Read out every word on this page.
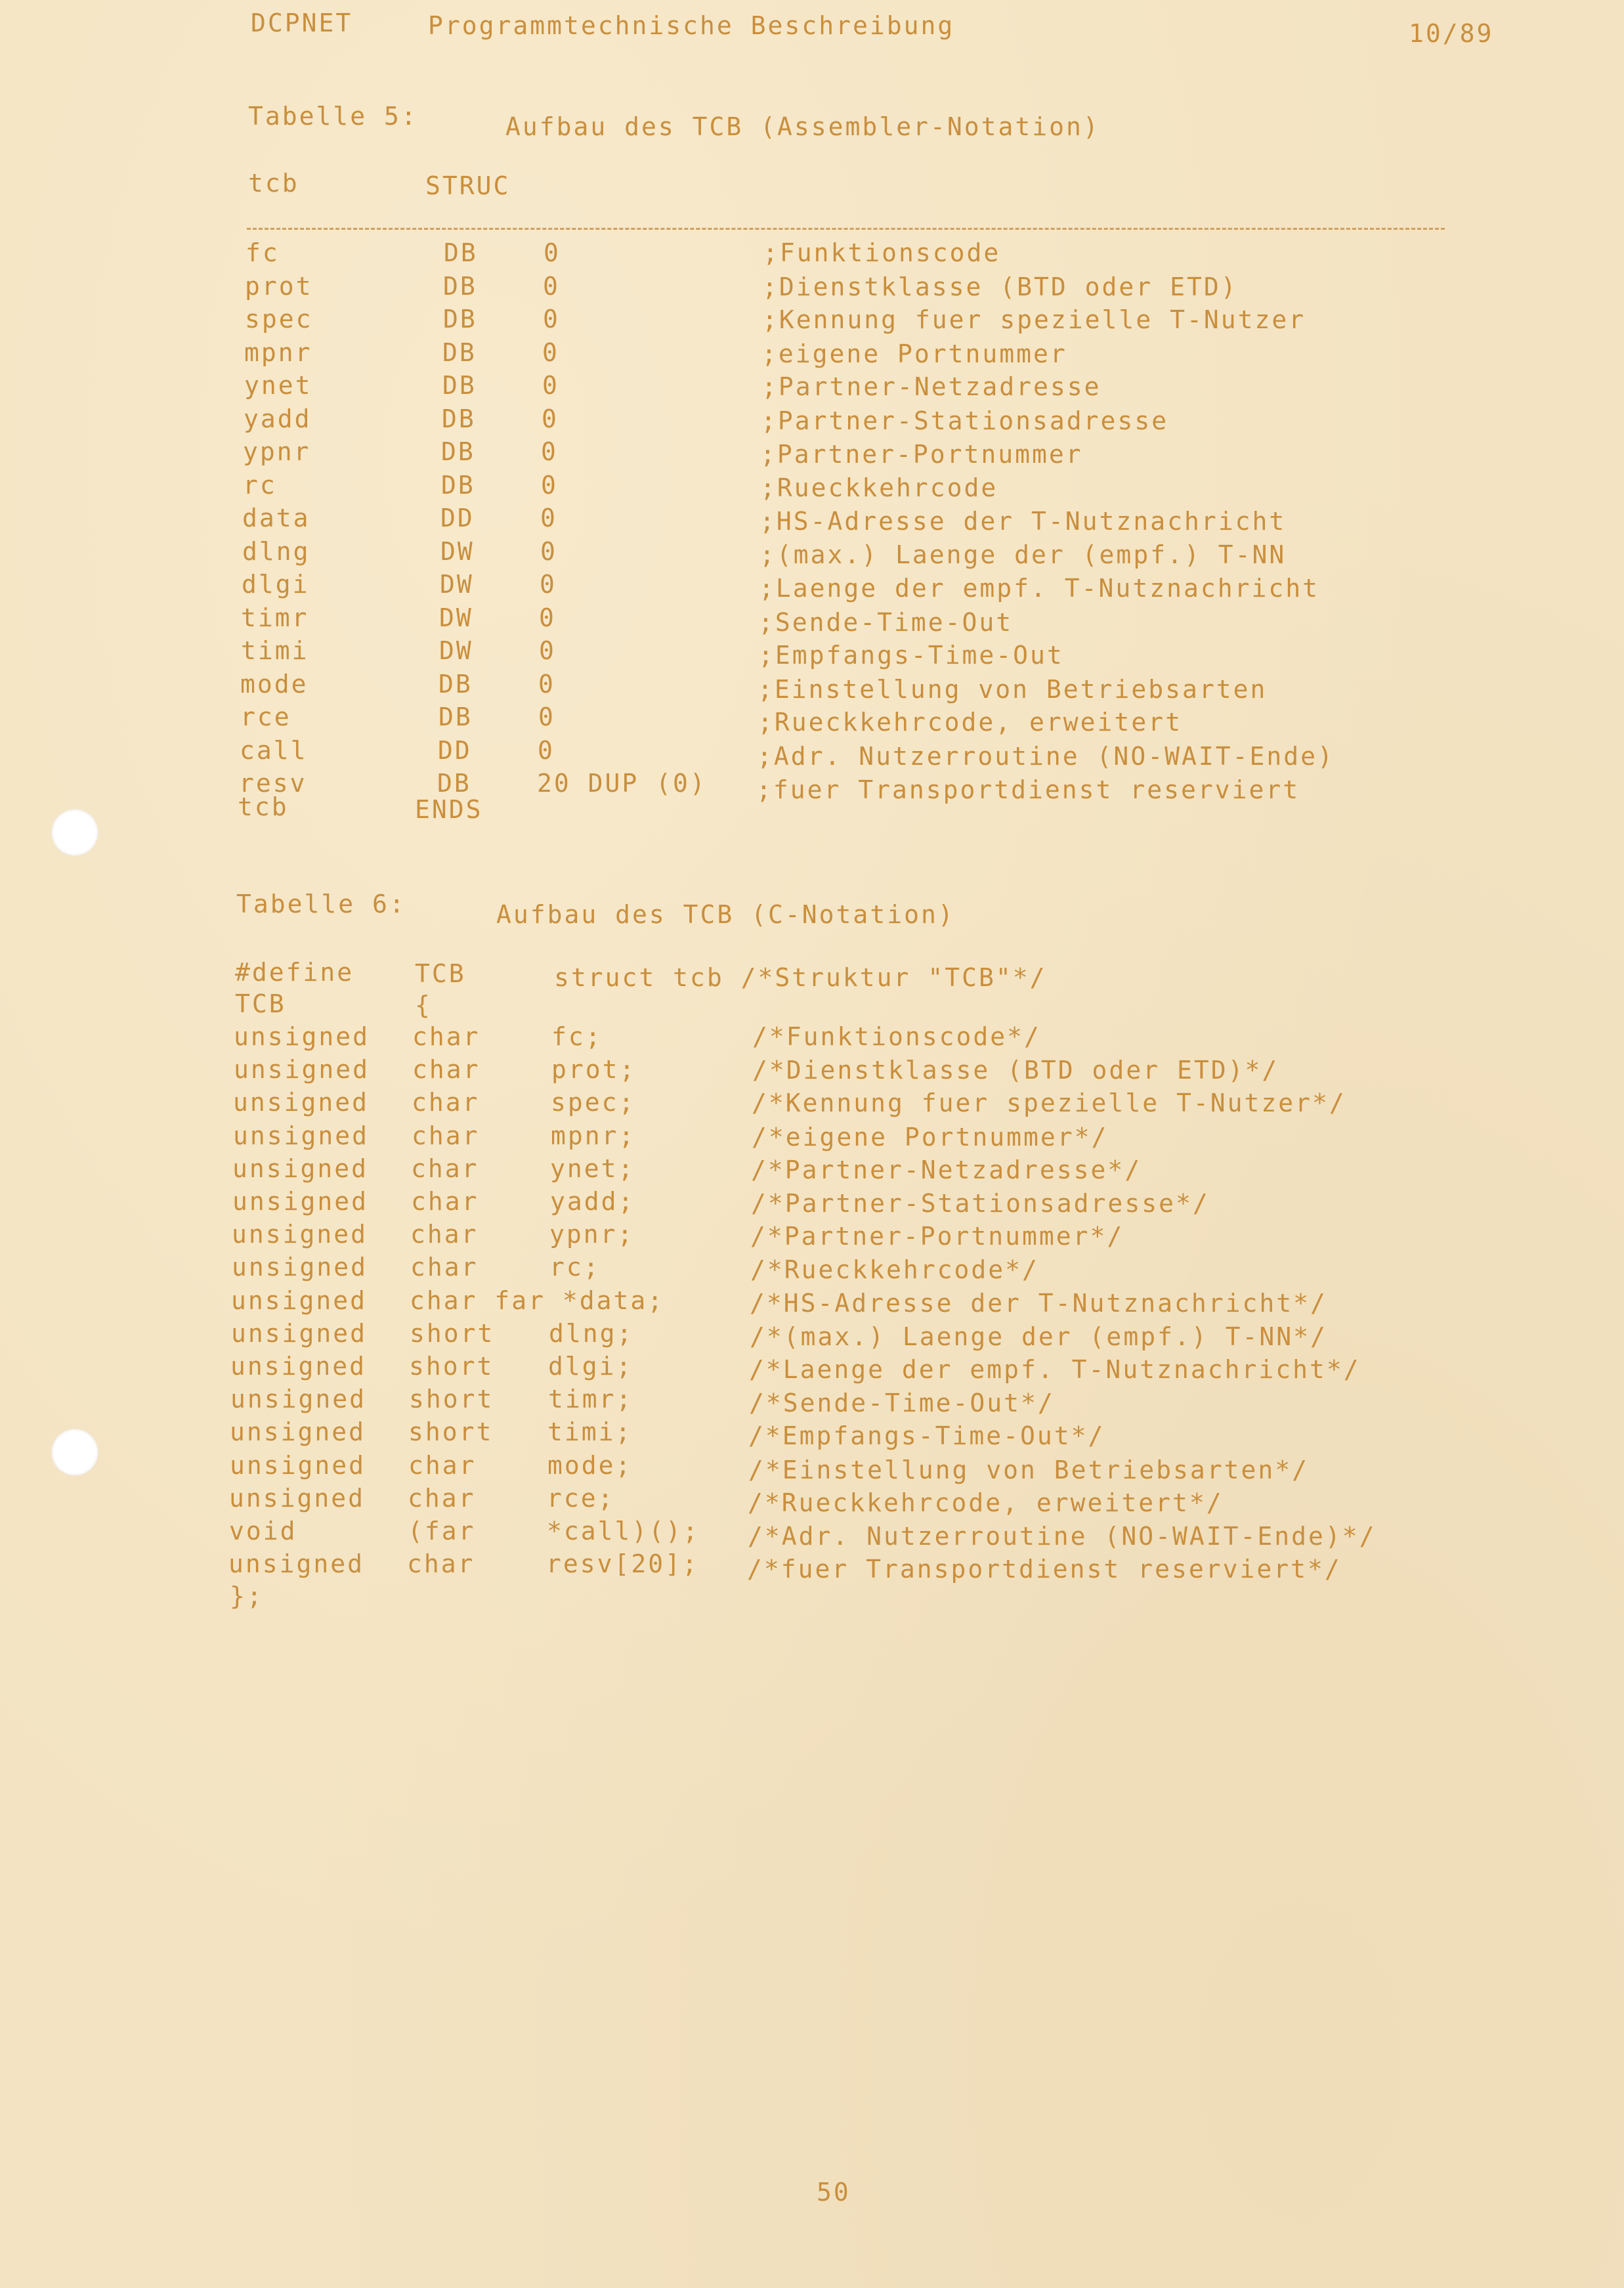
DCPNET	Programmtechnische Beschreibung	10/89
Tabelle 5:	Aufbau des TCB (Assembler-Notation)
tcb	STRUC
fc	DB	0	;Funktionscode
prot	DB	0	;Dienstklasse (BTD oder ETD)
spec	DB	0	;Kennung fuer spezielle T-Nutzer
mpnr	DB	0	;eigene Portnummer
ynet	DB	0	;Partner-Netzadresse
yadd	DB	0	;Partner-Stationsadresse
ypnr	DB	0	;Partner-Portnummer
rc	DB	0	;Rueckkehrcode
data	DD	0	;HS-Adresse der T-Nutznachricht
dlng	DW	0	;(max.) Laenge der (empf.) T-NN
dlgi	DW	0	;Laenge der empf. T-Nutznachricht
timr	DW	0	;Sende-Time-Out
timi	DW	0	;Empfangs-Time-Out
mode	DB	0	;Einstellung von Betriebsarten
rce	DB	0	;Rueckkehrcode, erweitert
call	DD	0	;Adr. Nutzerroutine (NO-WAIT-Ende)
resv	DB	20 DUP (0) ;fuer Transportdienst reserviert
tcb	ENDS
Tabelle 6:	Aufbau des TCB (C-Notation)
#define TCB	struct tcb /*Struktur "TCB"*/
TCB	{
unsigned char	fc;	/*Funktionscode*/
unsigned char	prot;	/*Dienstklasse (BTD oder ETD)*/
unsigned char	spec;	/*Kennung fuer spezielle T-Nutzer*/
unsigned char	mpnr;	/*eigene Portnummer*/
unsigned char	ynet;	/*Partner-Netzadresse*/
unsigned char	yadd;	/*Partner-Stationsadresse*/
unsigned char	ypnr;	/*Partner-Portnummer*/
unsigned char	rc;	/*Rueckkehrcode*/
unsigned char far *data;	/*HS-Adresse der T-Nutznachricht*/
unsigned short dlng;	/*(max.) Laenge der (empf.) T-NN*/
unsigned short dlgi;	/*Laenge der empf. T-Nutznachricht*/
unsigned short timr;	/*Sende-Time-Out*/
unsigned short timi;	/*Empfangs-Time-Out*/
unsigned char	mode;	/*Einstellung von Betriebsarten*/
unsigned char	rce;	/*Rueckkehrcode, erweitert*/
void	(far	*call)(); /*Adr. Nutzerroutine (NO-WAIT-Ende)*/
unsigned char	resv[20]; /*fuer Transportdienst reserviert*/
};
50
